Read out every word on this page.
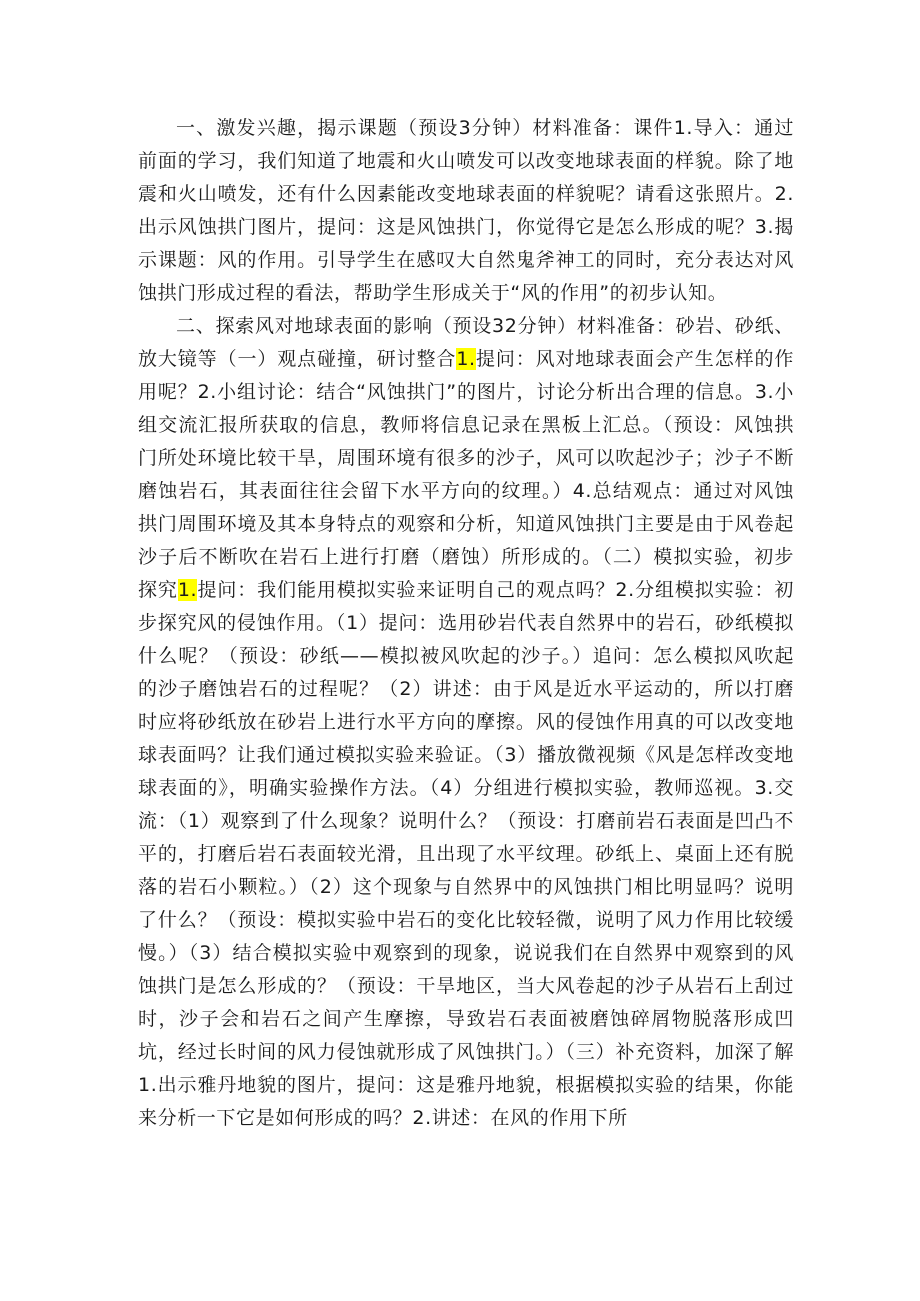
一、激发兴趣，揭示课题（预设3分钟）材料准备：课件1.导入：通过前面的学习，我们知道了地震和火山喷发可以改变地球表面的样貌。除了地震和火山喷发，还有什么因素能改变地球表面的样貌呢？请看这张照片。2.出示风蚀拱门图片，提问：这是风蚀拱门，你觉得它是怎么形成的呢？3.揭示课题：风的作用。引导学生在感叹大自然鬼斧神工的同时，充分表达对风蚀拱门形成过程的看法，帮助学生形成关于“风的作用”的初步认知。

二、探索风对地球表面的影响（预设32分钟）材料准备：砂岩、砂纸、放大镜等（一）观点碰撞，研讨整合1.提问：风对地球表面会产生怎样的作用呢？2.小组讨论：结合“风蚀拱门”的图片，讨论分析出合理的信息。3.小组交流汇报所获取的信息，教师将信息记录在黑板上汇总。（预设：风蚀拱门所处环境比较干旱，周围环境有很多的沙子，风可以吹起沙子；沙子不断磨蚀岩石，其表面往往会留下水平方向的纹理。）4.总结观点：通过对风蚀拱门周围环境及其本身特点的观察和分析，知道风蚀拱门主要是由于风卷起沙子后不断吹在岩石上进行打磨（磨蚀）所形成的。（二）模拟实验，初步探究1.提问：我们能用模拟实验来证明自己的观点吗？2.分组模拟实验：初步探究风的侵蚀作用。（1）提问：选用砂岩代表自然界中的岩石，砂纸模拟什么呢？（预设：砂纸——模拟被风吹起的沙子。）追问：怎么模拟风吹起的沙子磨蚀岩石的过程呢？（2）讲述：由于风是近水平运动的，所以打磨时应将砂纸放在砂岩上进行水平方向的摩擦。风的侵蚀作用真的可以改变地球表面吗？让我们通过模拟实验来验证。（3）播放微视频《风是怎样改变地球表面的》，明确实验操作方法。（4）分组进行模拟实验，教师巡视。3.交流：（1）观察到了什么现象？说明什么？（预设：打磨前岩石表面是凹凸不平的，打磨后岩石表面较光滑，且出现了水平纹理。砂纸上、桌面上还有脱落的岩石小颗粒。）（2）这个现象与自然界中的风蚀拱门相比明显吗？说明了什么？（预设：模拟实验中岩石的变化比较轻微，说明了风力作用比较缓慢。）（3）结合模拟实验中观察到的现象，说说我们在自然界中观察到的风蚀拱门是怎么形成的？（预设：干旱地区，当大风卷起的沙子从岩石上刮过时，沙子会和岩石之间产生摩擦，导致岩石表面被磨蚀碎屑物脱落形成凹坑，经过长时间的风力侵蚀就形成了风蚀拱门。）（三）补充资料，加深了解1.出示雅丹地貌的图片，提问：这是雅丹地貌，根据模拟实验的结果，你能来分析一下它是如何形成的吗？2.讲述：在风的作用下所
